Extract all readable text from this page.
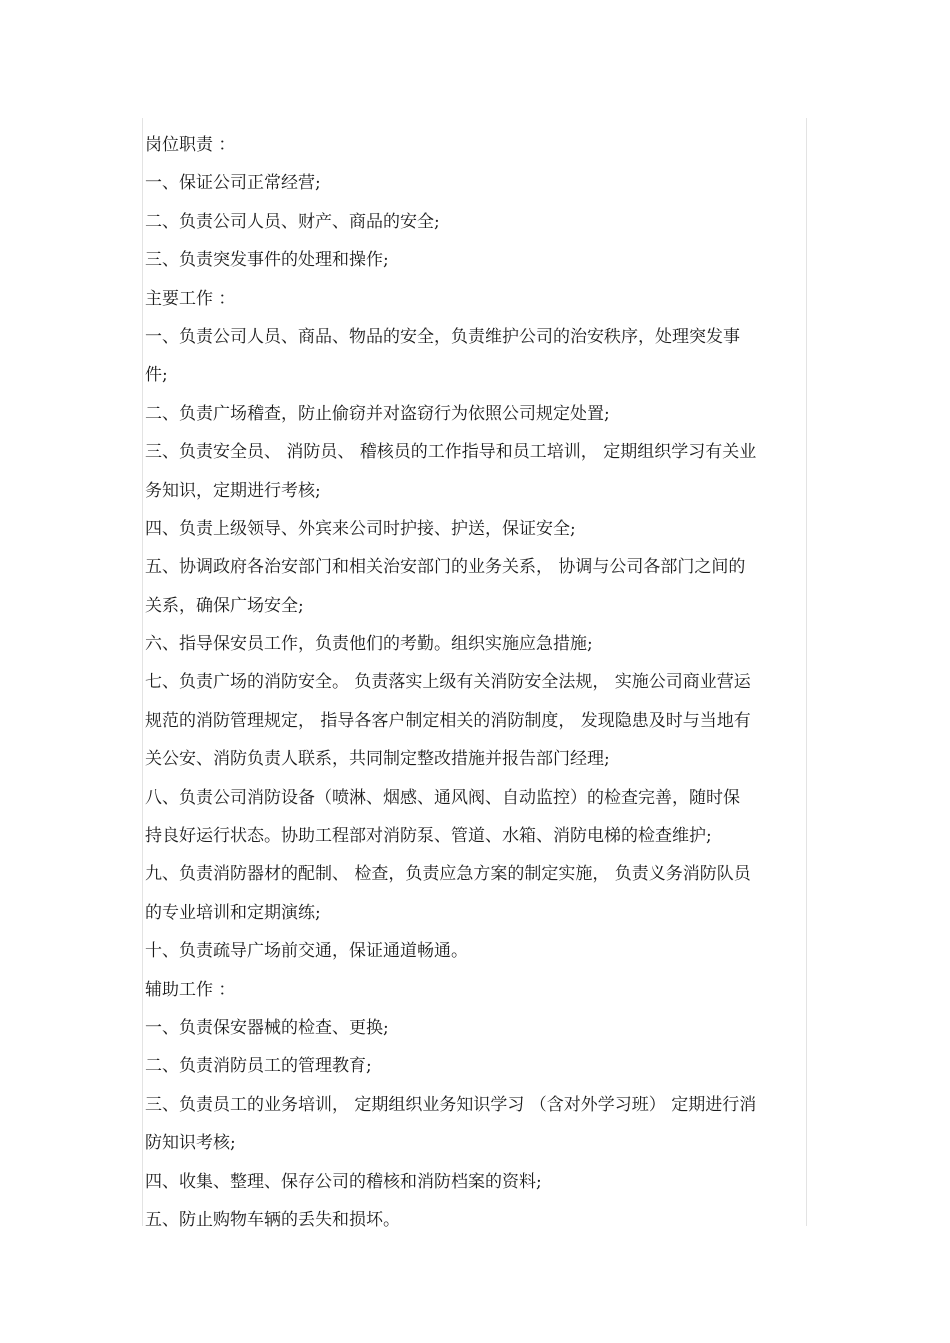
岗位职责 ：
一、保证公司正常经营;
二、负责公司人员、财产、商品的安全;
三、负责突发事件的处理和操作;
主要工作 ：
一、负责公司人员、商品、物品的安全，负责维护公司的治安秩序，处理突发事
件;
二、负责广场稽查，防止偷窃并对盗窃行为依照公司规定处置;
三、负责安全员、 消防员、 稽核员的工作指导和员工培训， 定期组织学习有关业
务知识，定期进行考核;
四、负责上级领导、外宾来公司时护接、护送，保证安全;
五、协调政府各治安部门和相关治安部门的业务关系， 协调与公司各部门之间的
关系，确保广场安全;
六、指导保安员工作，负责他们的考勤。组织实施应急措施;
七、负责广场的消防安全。 负责落实上级有关消防安全法规， 实施公司商业营运
规范的消防管理规定， 指导各客户制定相关的消防制度， 发现隐患及时与当地有
关公安、消防负责人联系，共同制定整改措施并报告部门经理;
八、负责公司消防设备（喷淋、烟感、通风阀、自动监控）的检查完善，随时保
持良好运行状态。协助工程部对消防泵、管道、水箱、消防电梯的检查维护;
九、负责消防器材的配制、 检查，负责应急方案的制定实施， 负责义务消防队员
的专业培训和定期演练;
十、负责疏导广场前交通，保证通道畅通。
辅助工作 ：
一、负责保安器械的检查、更换;
二、负责消防员工的管理教育;
三、负责员工的业务培训， 定期组织业务知识学习 （含对外学习班） 定期进行消
防知识考核;
四、收集、整理、保存公司的稽核和消防档案的资料;
五、防止购物车辆的丢失和损坏。
